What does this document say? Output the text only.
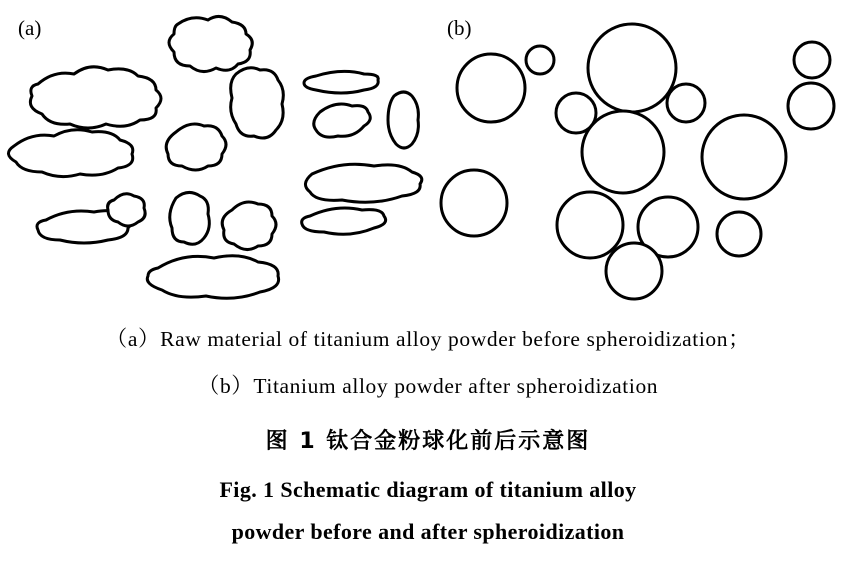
(a)	(b)

（a）Raw material of titanium alloy powder before spheroidization；

（b）Titanium alloy powder after spheroidization

图 1 钛合金粉球化前后示意图

Fig. 1 Schematic diagram of titanium alloy

powder before and after spheroidization
